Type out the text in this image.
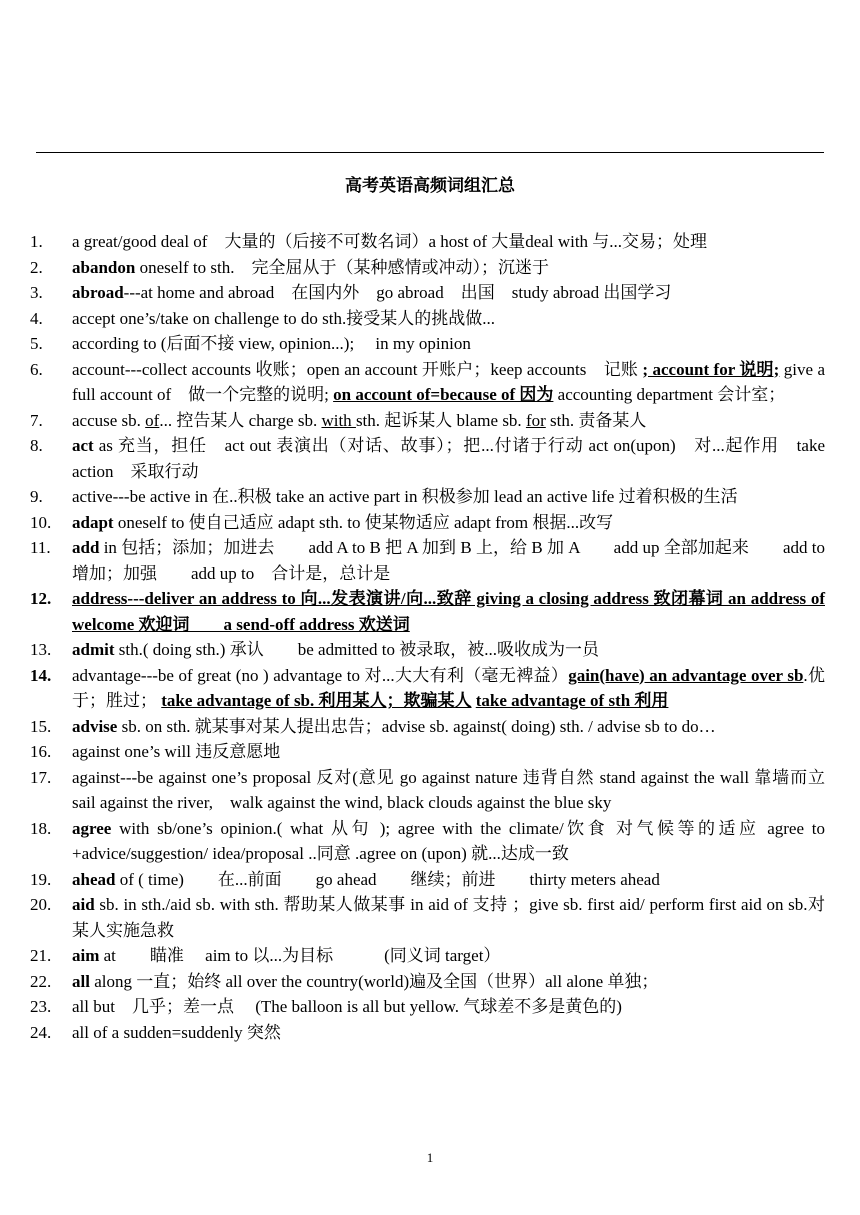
高考英语高频词组汇总
1.	a great/good deal of　大量的（后接不可数名词）a host of 大量deal with 与...交易；处理
2.	abandon oneself to sth.　完全屈从于（某种感情或冲动）；沉迷于
3.	abroad---at home and abroad　在国内外　go abroad　出国　study abroad 出国学习
4.	accept one’s/take on challenge to do sth.接受某人的挑战做...
5.	according to (后面不接 view, opinion...);　 in my opinion
6.	account---collect accounts 收账；open an account 开账户；keep accounts　记账 ; account for 说明; give a full account of　做一个完整的说明; on account of=because of 因为 accounting department 会计室；
7.	accuse sb. of... 控告某人 charge sb. with sth. 起诉某人 blame sb. for sth. 责备某人
8.	act as 充当，担任　act out 表演出（对话、故事）；把...付诸于行动 act on(upon)　对...起作用　take action　采取行动
9.	active---be active in 在..积极 take an active part in 积极参加 lead an active life 过着积极的生活
10.	adapt oneself to 使自己适应 adapt sth. to 使某物适应 adapt from 根据...改写
11.	add in 包括；添加；加进去　　add A to B 把 A 加到 B 上，给 B 加 A　　add up 全部加起来　　add to　增加；加强　　add up to　合计是，总计是
12.	address---deliver an address to 向...发表演讲/向...致辞 giving a closing address 致闭幕词 an address of welcome 欢迎词　　a send-off address 欢送词
13.	admit sth.( doing sth.) 承认　　be admitted to 被录取，被...吸收成为一员
14.	advantage---be of great (no ) advantage to 对...大大有利（毫无裨益）gain(have) an advantage over sb.优于；胜过； take advantage of sb. 利用某人；欺骗某人 take advantage of sth 利用
15.	advise sb. on sth. 就某事对某人提出忠告；advise sb. against( doing) sth. / advise sb to do…
16.	against one’s will 违反意愿地
17.	against---be against one’s proposal 反对(意见 go against nature 违背自然 stand against the wall 靠墙而立 sail against the river,　walk against the wind, black clouds against the blue sky
18.	agree with sb/one’s opinion.( what 从句 ); agree with the climate/饮食 对气候等的适应 agree to +advice/suggestion/ idea/proposal ..同意 .agree on (upon) 就...达成一致
19.	ahead of ( time)　　在...前面　　go ahead　　继续；前进　　thirty meters ahead
20.	aid sb. in sth./aid sb. with sth. 帮助某人做某事 in aid of 支持 ；give sb. first aid/ perform first aid on sb.对某人实施急救
21.	aim at　　瞄准　 aim to 以...为目标　　　(同义词 target）
22.	all along 一直；始终 all over the country(world)遍及全国（世界）all alone 单独；
23.	all but　几乎；差一点　 (The balloon is all but yellow. 气球差不多是黄色的)
24.	all of a sudden=suddenly 突然
1
